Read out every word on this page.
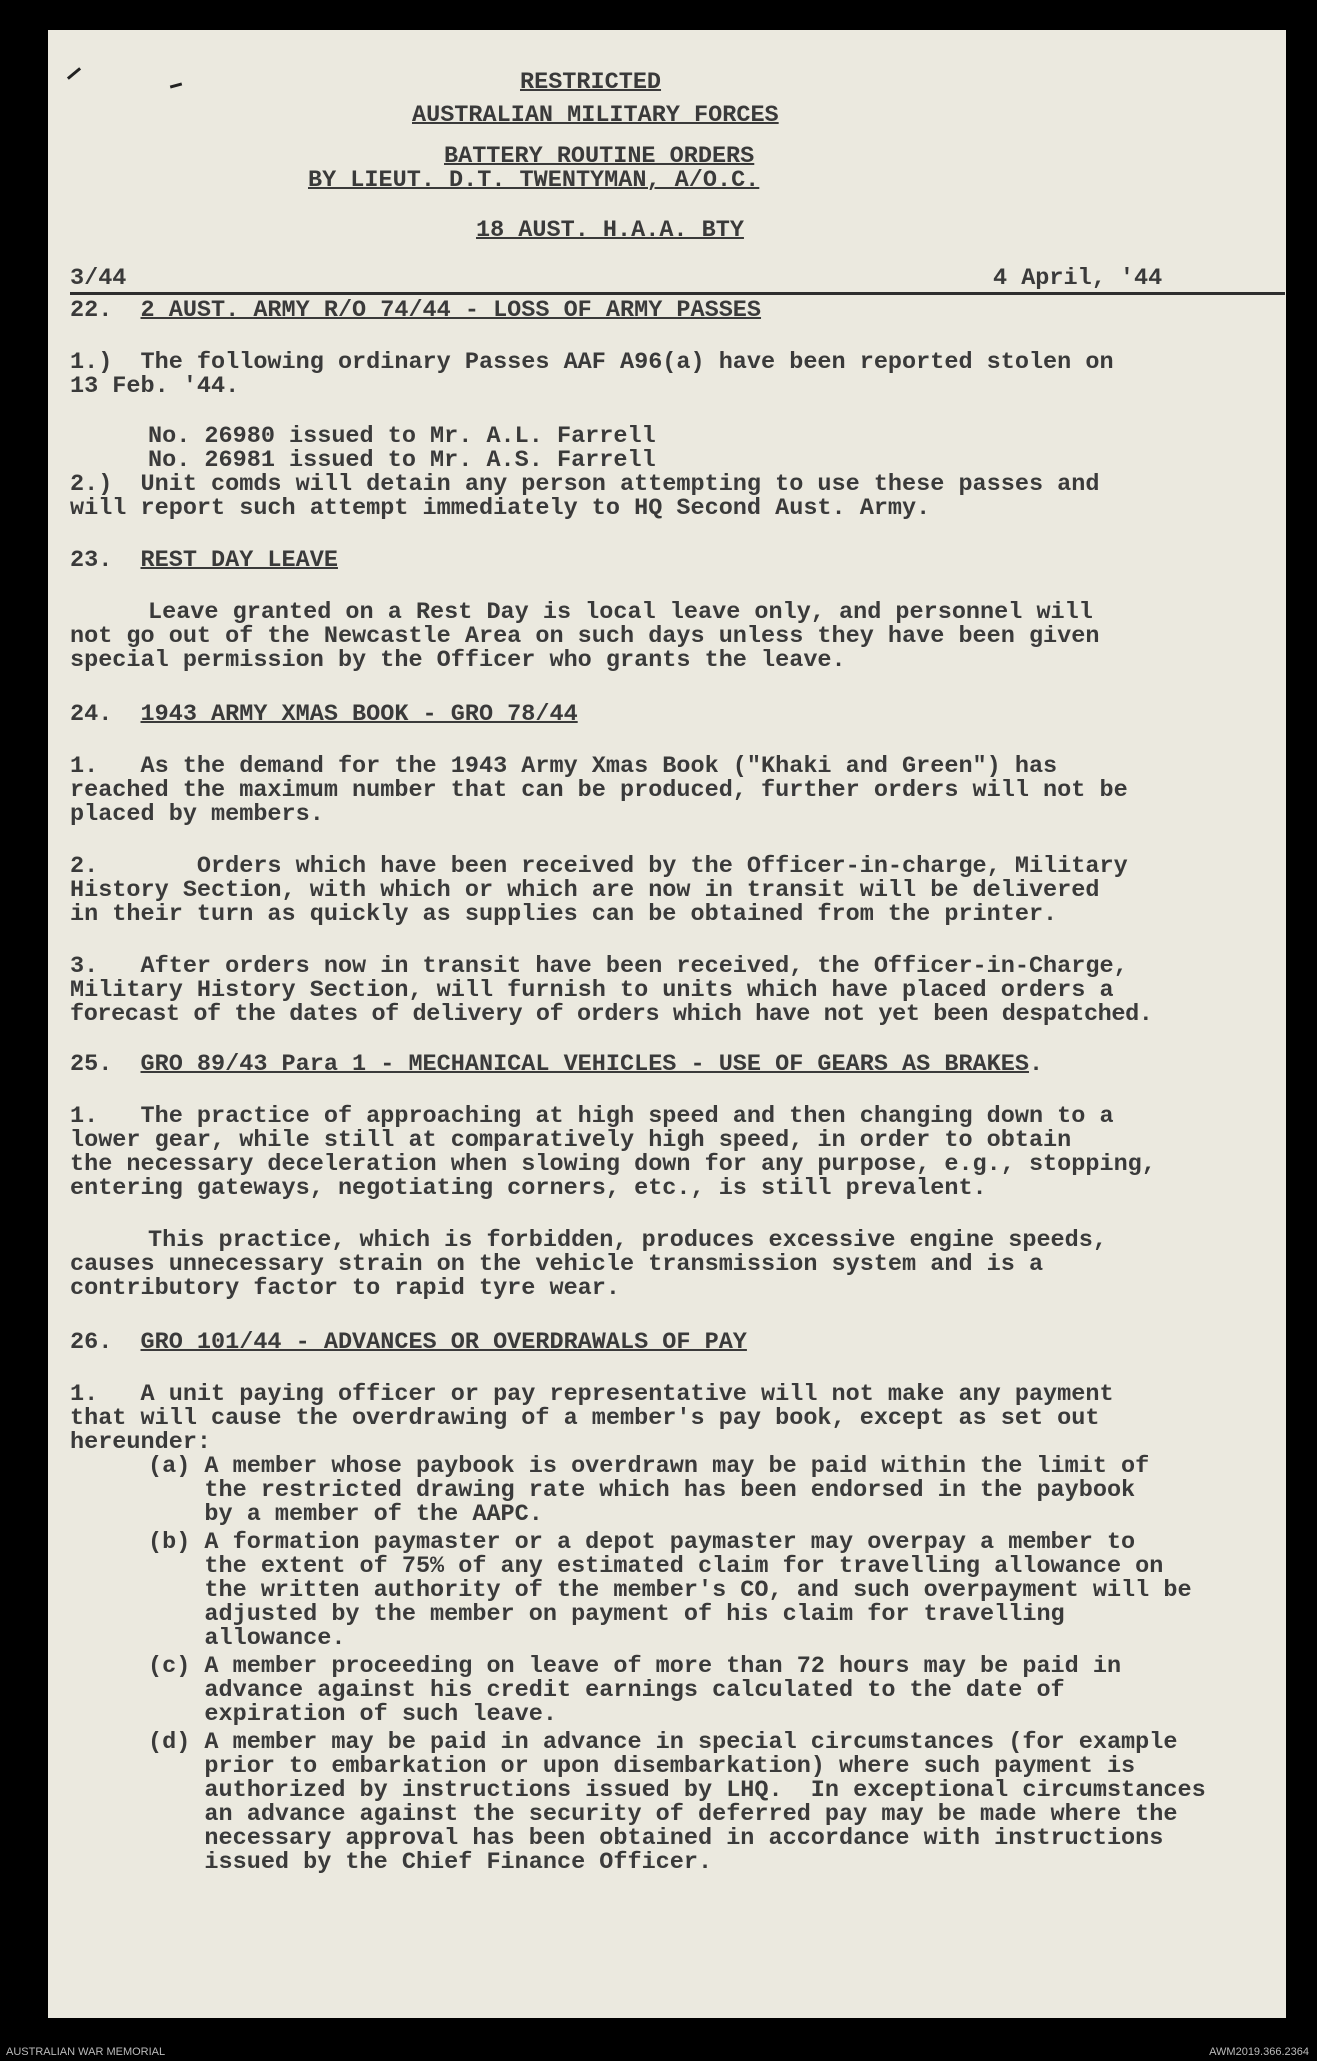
RESTRICTED
AUSTRALIAN MILITARY FORCES
BATTERY ROUTINE ORDERS
BY LIEUT. D.T. TWENTYMAN, A/O.C.
18 AUST. H.A.A. BTY
3/44	4 April, '44
22.  2 AUST. ARMY R/O 74/44 - LOSS OF ARMY PASSES
1.)  The following ordinary Passes AAF A96(a) have been reported stolen on
13 Feb. '44.
No. 26980 issued to Mr. A.L. Farrell
No. 26981 issued to Mr. A.S. Farrell
2.)  Unit comds will detain any person attempting to use these passes and
will report such attempt immediately to HQ Second Aust. Army.
23.  REST DAY LEAVE
Leave granted on a Rest Day is local leave only, and personnel will
not go out of the Newcastle Area on such days unless they have been given
special permission by the Officer who grants the leave.
24.  1943 ARMY XMAS BOOK - GRO 78/44
1.   As the demand for the 1943 Army Xmas Book ("Khaki and Green") has
reached the maximum number that can be produced, further orders will not be
placed by members.
2.       Orders which have been received by the Officer-in-charge, Military
History Section, with which or which are now in transit will be delivered
in their turn as quickly as supplies can be obtained from the printer.
3.   After orders now in transit have been received, the Officer-in-Charge,
Military History Section, will furnish to units which have placed orders a
forecast of the dates of delivery of orders which have not yet been despatched.
25.  GRO 89/43 Para 1 - MECHANICAL VEHICLES - USE OF GEARS AS BRAKES.
1.   The practice of approaching at high speed and then changing down to a
lower gear, while still at comparatively high speed, in order to obtain
the necessary deceleration when slowing down for any purpose, e.g., stopping,
entering gateways, negotiating corners, etc., is still prevalent.
This practice, which is forbidden, produces excessive engine speeds,
causes unnecessary strain on the vehicle transmission system and is a
contributory factor to rapid tyre wear.
26.  GRO 101/44 - ADVANCES OR OVERDRAWALS OF PAY
1.   A unit paying officer or pay representative will not make any payment
that will cause the overdrawing of a member's pay book, except as set out
hereunder:
(a) A member whose paybook is overdrawn may be paid within the limit of
the restricted drawing rate which has been endorsed in the paybook
by a member of the AAPC.
(b) A formation paymaster or a depot paymaster may overpay a member to
the extent of 75% of any estimated claim for travelling allowance on
the written authority of the member's CO, and such overpayment will be
adjusted by the member on payment of his claim for travelling
allowance.
(c) A member proceeding on leave of more than 72 hours may be paid in
advance against his credit earnings calculated to the date of
expiration of such leave.
(d) A member may be paid in advance in special circumstances (for example
prior to embarkation or upon disembarkation) where such payment is
authorized by instructions issued by LHQ.  In exceptional circumstances
an advance against the security of deferred pay may be made where the
necessary approval has been obtained in accordance with instructions
issued by the Chief Finance Officer.
AUSTRALIAN WAR MEMORIAL	AWM2019.366.2364
